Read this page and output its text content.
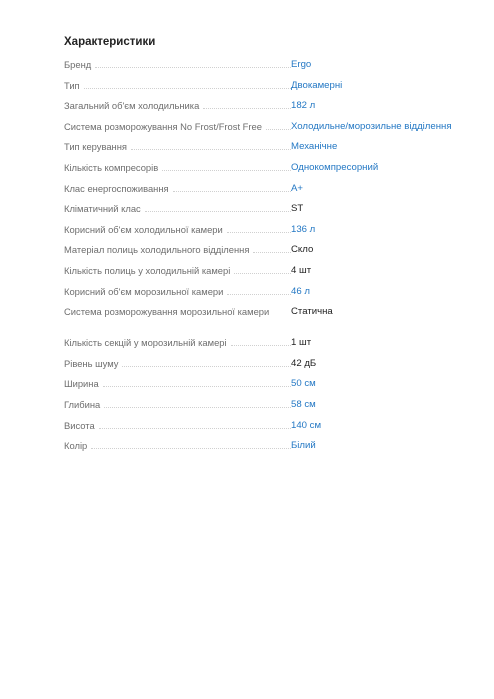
Характеристики
Бренд	Ergo
Тип	Двокамерні
Загальний об'єм холодильника	182 л
Система розморожування No Frost/Frost Free	Холодильне/морозильне відділення
Тип керування	Механічне
Кількість компресорів	Однокомпресорний
Клас енергоспоживання	A+
Кліматичний клас	ST
Корисний об'єм холодильної камери	136 л
Матеріал полиць холодильного відділення	Скло
Кількість полиць у холодильній камері	4 шт
Корисний об'єм морозильної камери	46 л
Система розморожування морозильної камери	Статична
Кількість секцій у морозильній камері	1 шт
Рівень шуму	42 дБ
Ширина	50 см
Глибина	58 см
Висота	140 см
Колір	Білий
